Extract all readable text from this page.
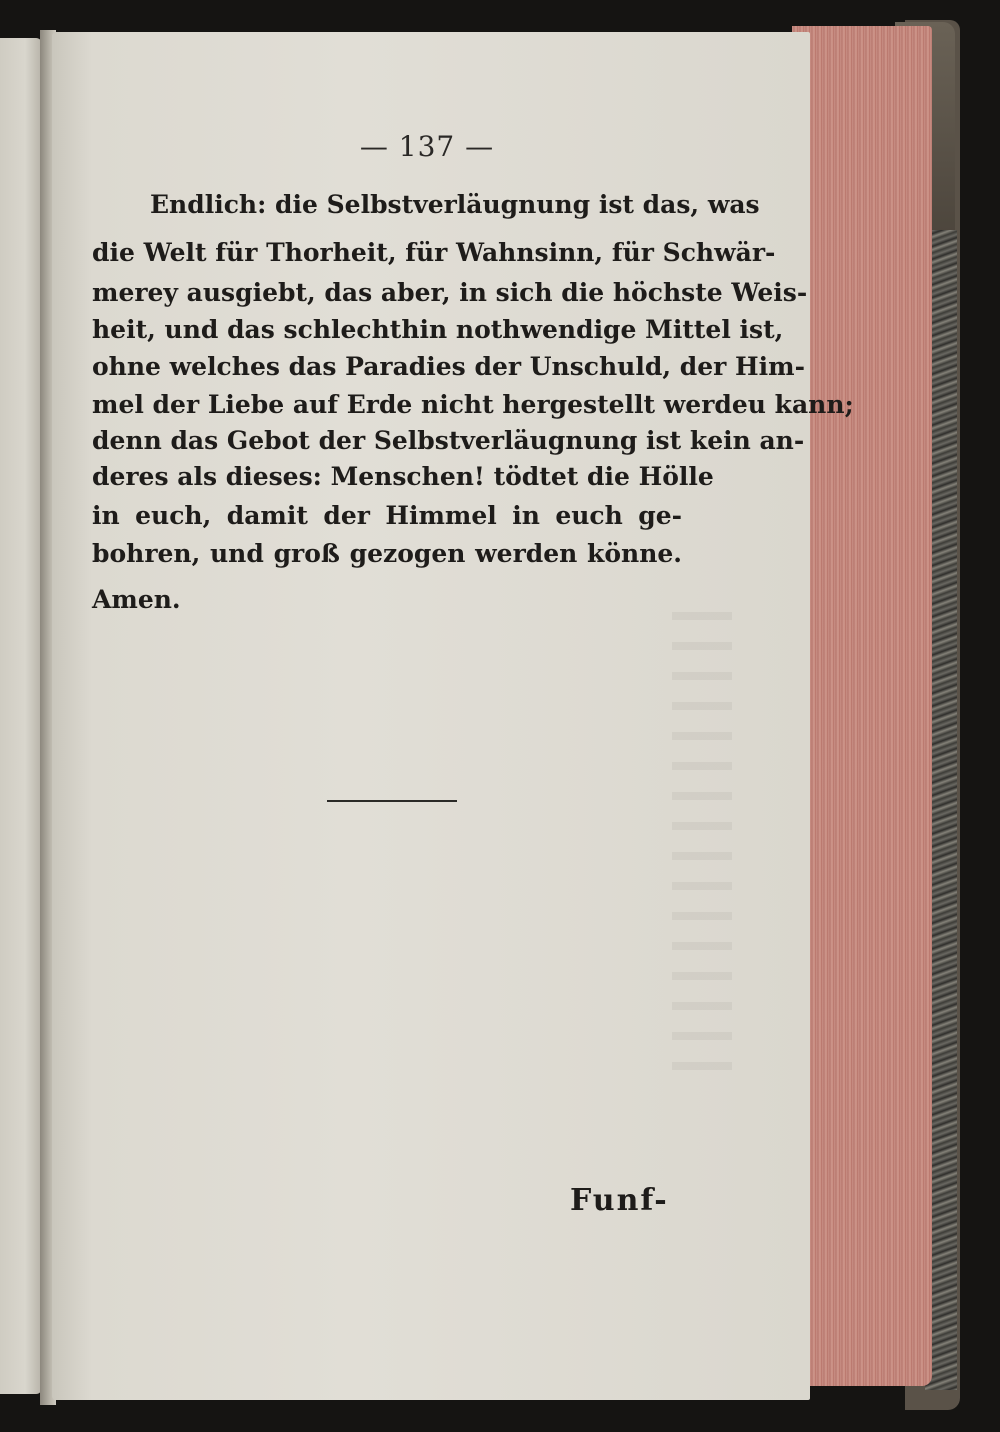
— 137 —
Endlich: die Selbstverläugnung ist das, was
die Welt für Thorheit, für Wahnsinn, für Schwär-
merey ausgiebt, das aber, in sich die höchste Weis-
heit, und das schlechthin nothwendige Mittel ist,
ohne welches das Paradies der Unschuld, der Him-
mel der Liebe auf Erde nicht hergestellt werdeu kann;
denn das Gebot der Selbstverläugnung ist kein an-
deres als dieses: Menschen! tödtet die Hölle
in euch, damit der Himmel in euch ge-
bohren, und groß gezogen werden könne.
Amen.
Funf-
